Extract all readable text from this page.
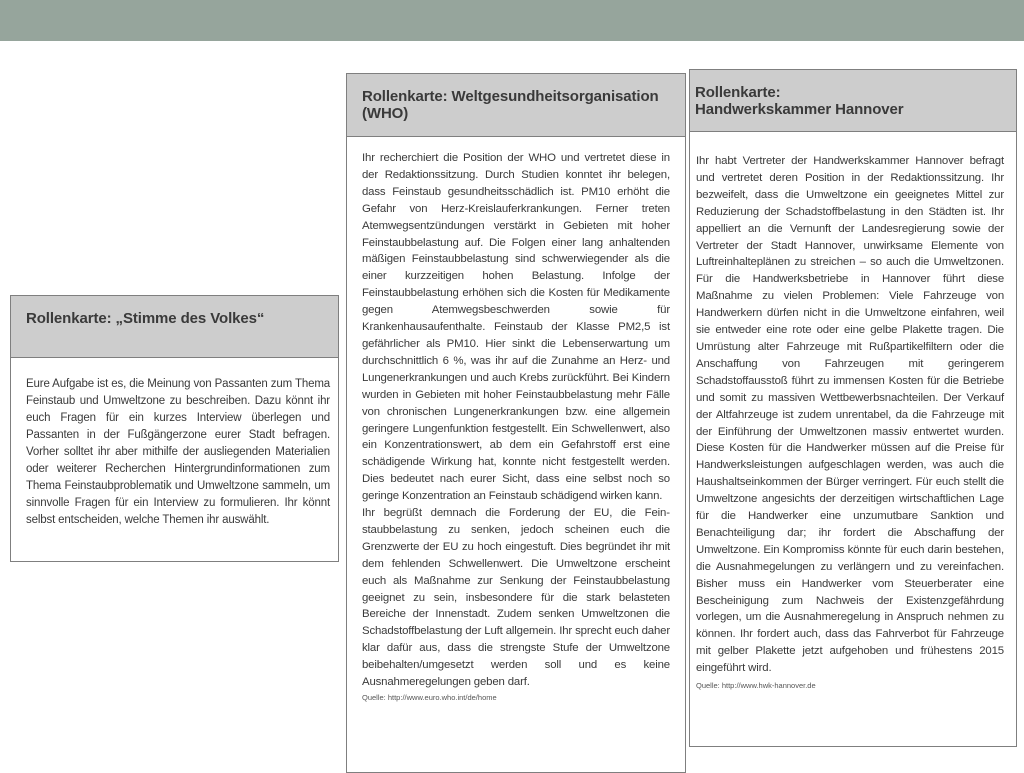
Rollenkarte: „Stimme des Volkes“

Eure Aufgabe ist es, die Meinung von Passanten zum Thema Feinstaub und Umweltzone zu beschreiben. Dazu könnt ihr euch Fragen für ein kurzes Interview überlegen und Passanten in der Fußgängerzone eurer Stadt befragen. Vorher solltet ihr aber mithilfe der ausliegenden Materialien oder weiterer Recherchen Hintergrundinformationen zum Thema Feinstaubproblematik und Umweltzone sammeln, um sinnvolle Fragen für ein Interview zu formulieren. Ihr könnt selbst entscheiden, welche Themen ihr auswählt.

Rollenkarte: Weltgesundheitsorganisation
(WHO)

Ihr recherchiert die Position der WHO und vertretet diese in der Redaktionssitzung. Durch Studien konntet ihr belegen, dass Feinstaub gesundheitsschädlich ist. PM10 erhöht die Gefahr von Herz-Kreislauferkrankungen. Ferner treten Atemwegsentzündungen verstärkt in Gebieten mit hoher Feinstaubbelastung auf. Die Folgen einer lang anhaltenden mäßigen Feinstaubbelastung sind schwerwiegender als die einer kurzzeitigen hohen Belastung. Infolge der Feinstaubbelastung erhöhen sich die Kosten für Medikamente gegen Atemwegsbeschwerden sowie für Krankenhausaufenthalte. Feinstaub der Klasse PM2,5 ist gefährlicher als PM10. Hier sinkt die Lebenserwartung um durchschnittlich 6 %, was ihr auf die Zunahme an Herz- und Lungenerkrankungen und auch Krebs zurückführt. Bei Kindern wurden in Gebieten mit hoher Feinstaubbelastung mehr Fälle von chronischen Lungenerkrankungen bzw. eine allgemein geringere Lungenfunktion festgestellt. Ein Schwellenwert, also ein Konzentrationswert, ab dem ein Gefahrstoff erst eine schädigende Wirkung hat, konnte nicht festgestellt werden. Dies bedeutet nach eurer Sicht, dass eine selbst noch so geringe Konzentration an Feinstaub schädigend wirken kann.

Ihr begrüßt demnach die Forderung der EU, die Feinstaubbelastung zu senken, jedoch scheinen euch die Grenzwerte der EU zu hoch eingestuft. Dies begründet ihr mit dem fehlenden Schwellenwert. Die Umweltzone erscheint euch als Maßnahme zur Senkung der Feinstaubbelastung geeignet zu sein, insbesondere für die stark belasteten Bereiche der Innenstadt. Zudem senken Umweltzonen die Schadstoffbelastung der Luft allgemein. Ihr sprecht euch daher klar dafür aus, dass die strengste Stufe der Umweltzone beibehalten/umgesetzt werden soll und es keine Ausnahmeregelungen geben darf.

Quelle: http://www.euro.who.int/de/home
Rollenkarte:
Handwerkskammer Hannover

Ihr habt Vertreter der Handwerkskammer Hannover befragt und vertretet deren Position in der Redaktionssitzung. Ihr bezweifelt, dass die Umweltzone ein geeignetes Mittel zur Reduzierung der Schadstoffbelastung in den Städten ist. Ihr appelliert an die Vernunft der Landesregierung sowie der Vertreter der Stadt Hannover, unwirksame Elemente von Luftreinhalteplänen zu streichen – so auch die Umweltzonen. Für die Handwerksbetriebe in Hannover führt diese Maßnahme zu vielen Problemen: Viele Fahrzeuge von Handwerkern dürfen nicht in die Umweltzone einfahren, weil sie entweder eine rote oder eine gelbe Plakette tragen. Die Umrüstung alter Fahrzeuge mit Rußpartikelfiltern oder die Anschaffung von Fahrzeugen mit geringerem Schadstoffausstoß führt zu immensen Kosten für die Betriebe und somit zu massiven Wettbewerbsnachteilen. Der Verkauf der Altfahrzeuge ist zudem unrentabel, da die Fahrzeuge mit der Einführung der Umweltzonen massiv entwertet wurden. Diese Kosten für die Handwerker müssen auf die Preise für Handwerksleistungen aufgeschlagen werden, was auch die Haushaltseinkommen der Bürger verringert. Für euch stellt die Umweltzone angesichts der derzeitigen wirtschaftlichen Lage für die Handwerker eine unzumutbare Sanktion und Benachteiligung dar; ihr fordert die Abschaffung der Umweltzone. Ein Kompromiss könnte für euch darin bestehen, die Ausnahmegelungen zu verlängern und zu vereinfachen. Bisher muss ein Handwerker vom Steuerberater eine Bescheinigung zum Nachweis der Existenzgefährdung vorlegen, um die Ausnahmeregelung in Anspruch nehmen zu können. Ihr fordert auch, dass das Fahrverbot für Fahrzeuge mit gelber Plakette jetzt aufgehoben und frühestens 2015 eingeführt wird.

Quelle: http://www.hwk-hannover.de
